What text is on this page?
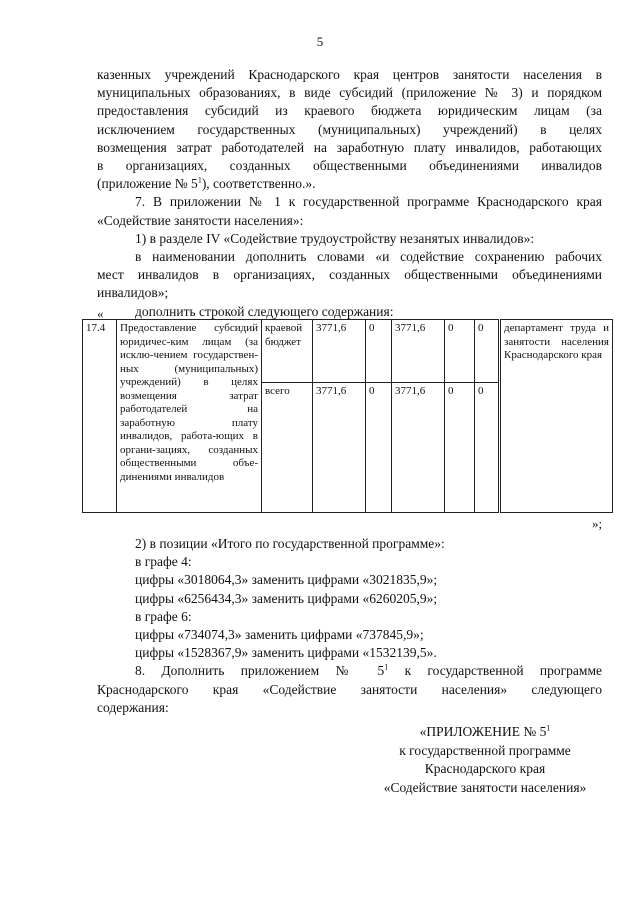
5

казенных учреждений Краснодарского края центров занятости населения в

муниципальных образованиях, в виде субсидий (приложение № 3) и порядком

предоставления субсидий из краевого бюджета юридическим лицам (за

исключением государственных (муниципальных) учреждений) в целях

возмещения затрат работодателей на заработную плату инвалидов, работающих

в организациях, созданных общественными объединениями инвалидов

(приложение № $5^1$), соответственно.».

7. В приложении № 1 к государственной программе Краснодарского края

«Содействие занятости населения»:

1) в разделе IV «Содействие трудоустройству незанятых инвалидов»:

в наименовании дополнить словами «и содействие сохранению рабочих

мест инвалидов в организациях, созданных общественными объединениями

инвалидов»;

дополнить строкой следующего содержания:

«
17.4	Предоставление субсидий юридичес-ким лицам (за исклю-чением государствен-ных (муниципальных) учреждений) в целях возмещения затрат работодателей на заработную плату инвалидов, работа-ющих в органи-зациях, созданных общественными объе-динениями инвалидов	краевой бюджет	3771,6	0	3771,6	0	0	департамент труда и занятости населения Краснодарского края
		всего	3771,6	0	3771,6	0	0	
»;

2) в позиции «Итого по государственной программе»:

в графе 4:

цифры «3018064,3» заменить цифрами «3021835,9»;

цифры «6256434,3» заменить цифрами «6260205,9»;

в графе 6:

цифры «734074,3» заменить цифрами «737845,9»;

цифры «1528367,9» заменить цифрами «1532139,5».

8. Дополнить приложением № $5^1$ к государственной программе

Краснодарского края «Содействие занятости населения» следующего

содержания:

«ПРИЛОЖЕНИЕ № $5^1$

к государственной программе

Краснодарского края

«Содействие занятости населения»
